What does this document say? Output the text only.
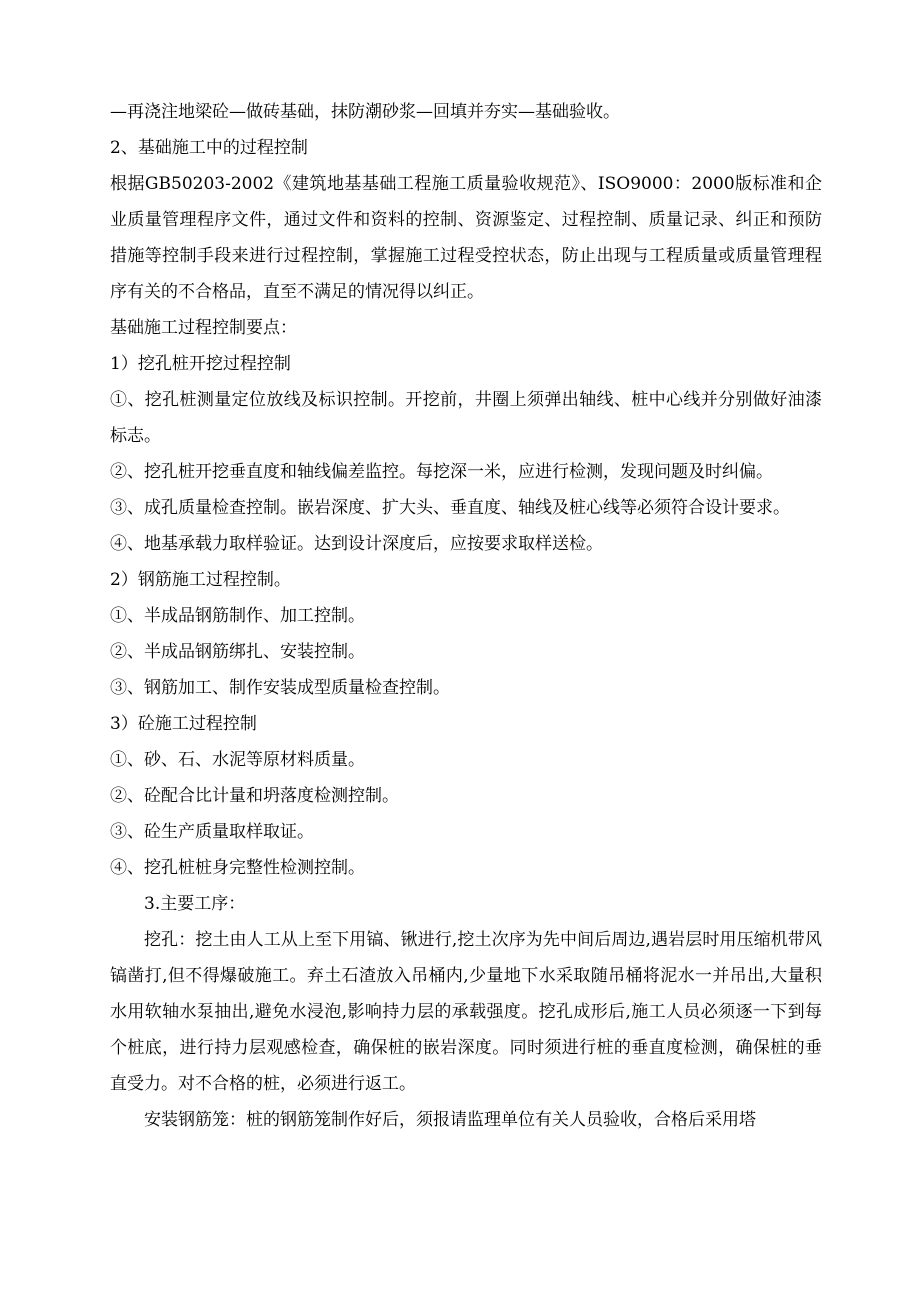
—再浇注地梁砼—做砖基础，抹防潮砂浆—回填并夯实—基础验收。

2、基础施工中的过程控制

根据GB50203-2002《建筑地基基础工程施工质量验收规范》、ISO9000：2000版标准和企业质量管理程序文件，通过文件和资料的控制、资源鉴定、过程控制、质量记录、纠正和预防措施等控制手段来进行过程控制，掌握施工过程受控状态，防止出现与工程质量或质量管理程序有关的不合格品，直至不满足的情况得以纠正。

基础施工过程控制要点：

1）挖孔桩开挖过程控制

①、挖孔桩测量定位放线及标识控制。开挖前，井圈上须弹出轴线、桩中心线并分别做好油漆标志。

②、挖孔桩开挖垂直度和轴线偏差监控。每挖深一米，应进行检测，发现问题及时纠偏。

③、成孔质量检查控制。嵌岩深度、扩大头、垂直度、轴线及桩心线等必须符合设计要求。

④、地基承载力取样验证。达到设计深度后，应按要求取样送检。

2）钢筋施工过程控制。

①、半成品钢筋制作、加工控制。

②、半成品钢筋绑扎、安装控制。

③、钢筋加工、制作安装成型质量检查控制。

3）砼施工过程控制

①、砂、石、水泥等原材料质量。

②、砼配合比计量和坍落度检测控制。

③、砼生产质量取样取证。

④、挖孔桩桩身完整性检测控制。

3.主要工序：

挖孔：挖土由人工从上至下用镐、锹进行,挖土次序为先中间后周边,遇岩层时用压缩机带风镐凿打,但不得爆破施工。弃土石渣放入吊桶内,少量地下水采取随吊桶将泥水一并吊出,大量积水用软轴水泵抽出,避免水浸泡,影响持力层的承载强度。挖孔成形后,施工人员必须逐一下到每个桩底，进行持力层观感检查，确保桩的嵌岩深度。同时须进行桩的垂直度检测，确保桩的垂直受力。对不合格的桩，必须进行返工。

安装钢筋笼：桩的钢筋笼制作好后，须报请监理单位有关人员验收，合格后采用塔
